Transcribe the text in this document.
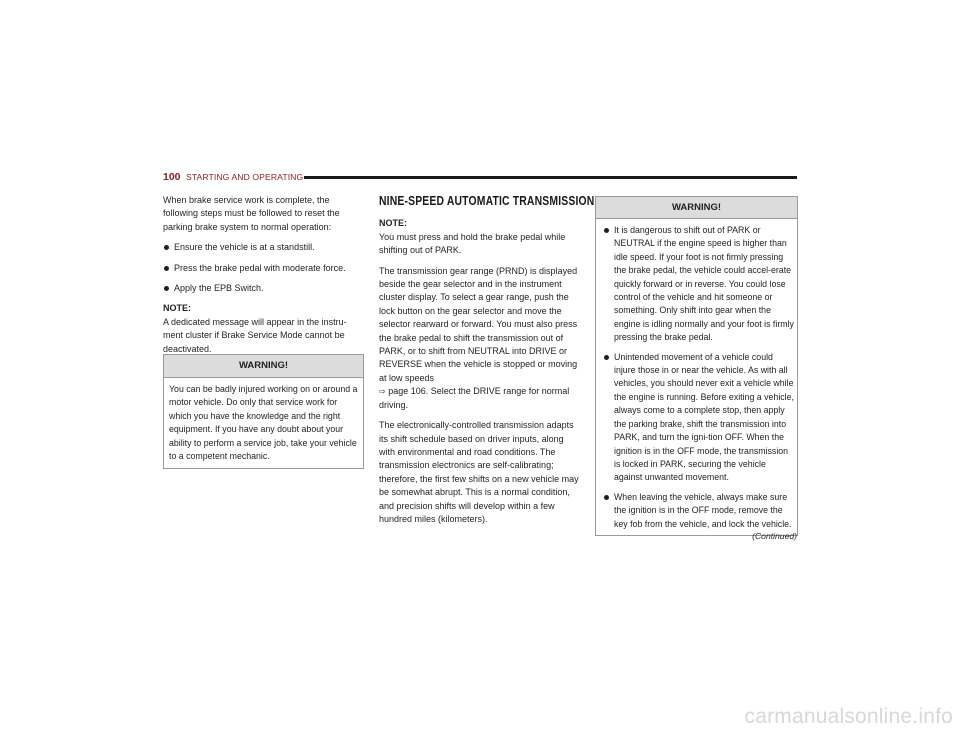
100 STARTING AND OPERATING

When brake service work is complete, the following steps must be followed to reset the parking brake system to normal operation:

Ensure the vehicle is at a standstill.
Press the brake pedal with moderate force.
Apply the EPB Switch.

NOTE:

A dedicated message will appear in the instru-ment cluster if Brake Service Mode cannot be deactivated.

WARNING!
You can be badly injured working on or around a motor vehicle. Do only that service work for which you have the knowledge and the right equipment. If you have any doubt about your ability to perform a service job, take your vehicle to a competent mechanic.
NINE-SPEED AUTOMATIC TRANSMISSION

NOTE:

You must press and hold the brake pedal while shifting out of PARK.

The transmission gear range (PRND) is displayed beside the gear selector and in the instrument cluster display. To select a gear range, push the lock button on the gear selector and move the selector rearward or forward. You must also press the brake pedal to shift the transmission out of PARK, or to shift from NEUTRAL into DRIVE or REVERSE when the vehicle is stopped or moving at low speeds
⇨ page 106. Select the DRIVE range for normal driving.

The electronically-controlled transmission adapts its shift schedule based on driver inputs, along with environmental and road conditions. The transmission electronics are self-calibrating; therefore, the first few shifts on a new vehicle may be somewhat abrupt. This is a normal condition, and precision shifts will develop within a few hundred miles (kilometers).

WARNING!
It is dangerous to shift out of PARK or NEUTRAL if the engine speed is higher than idle speed. If your foot is not firmly pressing the brake pedal, the vehicle could accel-erate quickly forward or in reverse. You could lose control of the vehicle and hit someone or something. Only shift into gear when the engine is idling normally and your foot is firmly pressing the brake pedal.
Unintended movement of a vehicle could injure those in or near the vehicle. As with all vehicles, you should never exit a vehicle while the engine is running. Before exiting a vehicle, always come to a complete stop, then apply the parking brake, shift the transmission into PARK, and turn the igni-tion OFF. When the ignition is in the OFF mode, the transmission is locked in PARK, securing the vehicle against unwanted movement.
When leaving the vehicle, always make sure the ignition is in the OFF mode, remove the key fob from the vehicle, and lock the vehicle.
(Continued)
carmanualsonline.info
